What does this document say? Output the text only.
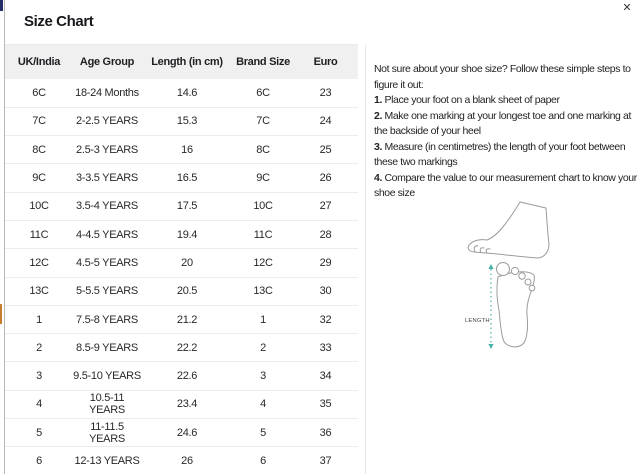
Size Chart
✕
UK/India	Age Group	Length (in cm)	Brand Size	Euro
6C	18-24 Months	14.6	6C	23
7C	2-2.5 YEARS	15.3	7C	24
8C	2.5-3 YEARS	16	8C	25
9C	3-3.5 YEARS	16.5	9C	26
10C	3.5-4 YEARS	17.5	10C	27
11C	4-4.5 YEARS	19.4	11C	28
12C	4.5-5 YEARS	20	12C	29
13C	5-5.5 YEARS	20.5	13C	30
1	7.5-8 YEARS	21.2	1	32
2	8.5-9 YEARS	22.2	2	33
3	9.5-10 YEARS	22.6	3	34
4	10.5-11 YEARS	23.4	4	35
5	11-11.5 YEARS	24.6	5	36
6	12-13 YEARS	26	6	37
Not sure about your shoe size? Follow these simple steps to figure it out:
1. Place your foot on a blank sheet of paper
2. Make one marking at your longest toe and one marking at the backside of your heel
3. Measure (in centimetres) the length of your foot between these two markings
4. Compare the value to our measurement chart to know your shoe size
LENGTH
